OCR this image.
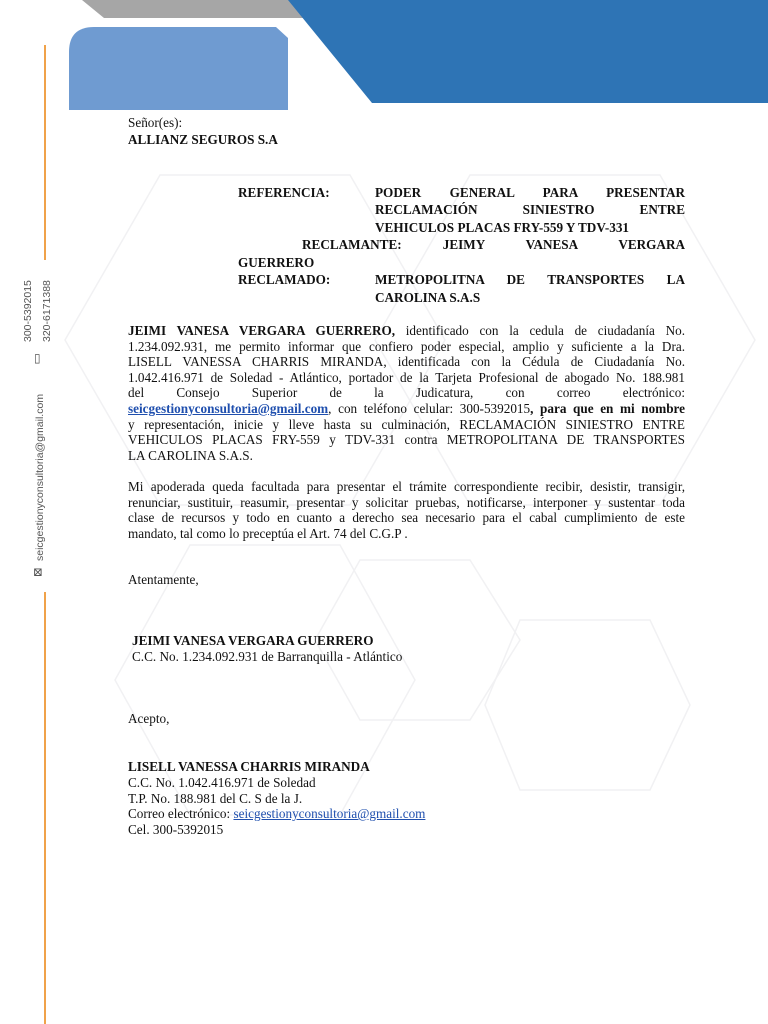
300-5392015 320-6171388
▯
seicgestionyconsultoria@gmail.com
⊠
Señor(es):
ALLIANZ SEGUROS S.A
REFERENCIA:	PODER GENERAL PARA PRESENTAR
RECLAMACIÓN SINIESTRO ENTRE
VEHICULOS PLACAS FRY-559 Y TDV-331
RECLAMANTE: JEIMY VANESA VERGARA
GUERRERO
RECLAMADO:	METROPOLITNA DE TRANSPORTES LA
CAROLINA S.A.S
JEIMI VANESA VERGARA GUERRERO, identificado con la cedula de ciudadanía No.
1.234.092.931, me permito informar que confiero poder especial, amplio y suficiente a la Dra.
LISELL VANESSA CHARRIS MIRANDA, identificada con la Cédula de Ciudadanía No.
1.042.416.971 de Soledad - Atlántico, portador de la Tarjeta Profesional de abogado No. 188.981
del Consejo Superior de la Judicatura, con correo electrónico:
seicgestionyconsultoria@gmail.com, con teléfono celular: 300-5392015, para que en mi nombre
y representación, inicie y lleve hasta su culminación, RECLAMACIÓN SINIESTRO ENTRE
VEHICULOS PLACAS FRY-559 y TDV-331 contra METROPOLITANA DE TRANSPORTES
LA CAROLINA S.A.S.
Mi apoderada queda facultada para presentar el trámite correspondiente recibir, desistir, transigir,
renunciar, sustituir, reasumir, presentar y solicitar pruebas, notificarse, interponer y sustentar toda
clase de recursos y todo en cuanto a derecho sea necesario para el cabal cumplimiento de este
mandato, tal como lo preceptúa el Art. 74 del C.G.P .
Atentamente,
JEIMI VANESA VERGARA GUERRERO
C.C. No. 1.234.092.931 de Barranquilla - Atlántico
Acepto,
LISELL VANESSA CHARRIS MIRANDA
C.C. No. 1.042.416.971 de Soledad
T.P. No. 188.981 del C. S de la J.
Correo electrónico: seicgestionyconsultoria@gmail.com
Cel. 300-5392015
